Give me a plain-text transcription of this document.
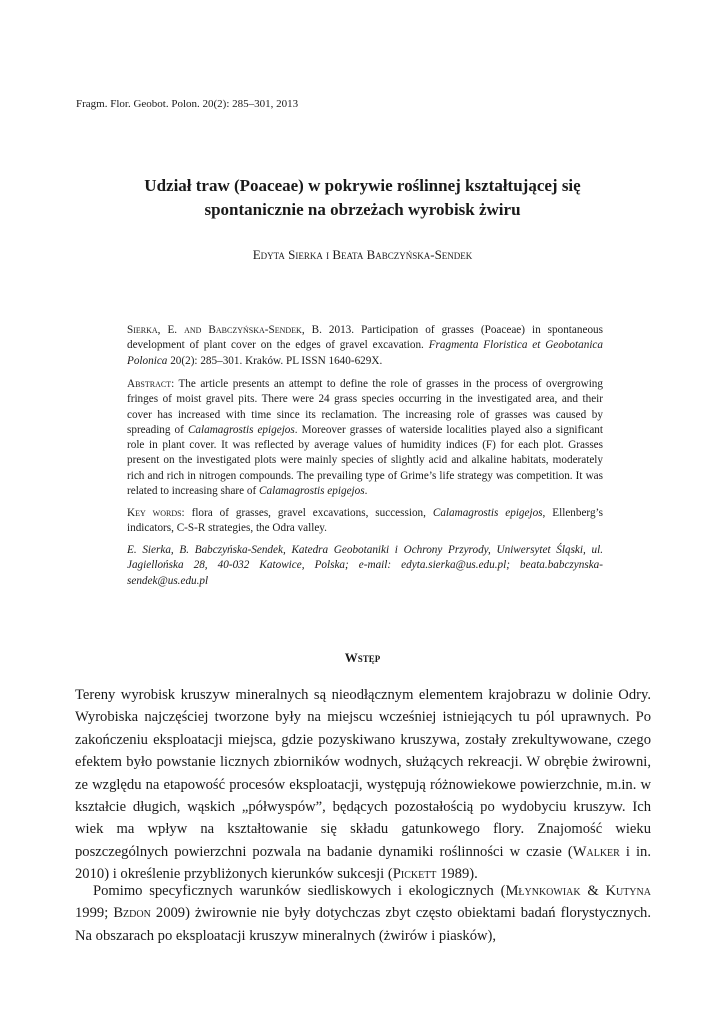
Fragm. Flor. Geobot. Polon. 20(2): 285–301, 2013
Udział traw (Poaceae) w pokrywie roślinnej kształtującej się
spontanicznie na obrzeżach wyrobisk żwiru

Edyta Sierka i Beata Babczyńska-Sendek

Sierka, E. and Babczyńska-Sendek, B. 2013. Participation of grasses (Poaceae) in spontaneous development of plant cover on the edges of gravel excavation. Fragmenta Floristica et Geobotanica Polonica 20(2): 285–301. Kraków. PL ISSN 1640-629X.

Abstract: The article presents an attempt to define the role of grasses in the process of overgrowing fringes of moist gravel pits. There were 24 grass species occurring in the investigated area, and their cover has increased with time since its reclamation. The increasing role of grasses was caused by spreading of Calamagrostis epigejos. Moreover grasses of waterside localities played also a significant role in plant cover. It was reflected by average values of humidity indices (F) for each plot. Grasses present on the investigated plots were mainly species of slightly acid and alkaline habitats, moderately rich and rich in nitrogen compounds. The prevailing type of Grime’s life strategy was competition. It was related to increasing share of Calamagrostis epigejos.

Key words: flora of grasses, gravel excavations, succession, Calamagrostis epigejos, Ellenberg’s indicators, C-S-R strategies, the Odra valley.

E. Sierka, B. Babczyńska-Sendek, Katedra Geobotaniki i Ochrony Przyrody, Uniwersytet Śląski, ul. Jagiellońska 28, 40-032 Katowice, Polska; e-mail: edyta.sierka@us.edu.pl; beata.babczynska-sendek@us.edu.pl

Wstęp

Tereny wyrobisk kruszyw mineralnych są nieodłącznym elementem krajobrazu w dolinie Odry. Wyrobiska najczęściej tworzone były na miejscu wcześniej istniejących tu pól uprawnych. Po zakończeniu eksploatacji miejsca, gdzie pozyskiwano kruszywa, zostały zrekultywowane, czego efektem było powstanie licznych zbiorników wodnych, służących rekreacji. W obrębie żwirowni, ze względu na etapowość procesów eksploatacji, występują różnowiekowe powierzchnie, m.in. w kształcie długich, wąskich „półwyspów”, będących pozostałością po wydobyciu kruszyw. Ich wiek ma wpływ na kształtowanie się składu gatunkowego flory. Znajomość wieku poszczególnych powierzchni pozwala na badanie dynamiki roślinności w czasie (Walker i in. 2010) i określenie przybliżonych kierunków sukcesji (Pickett 1989).

Pomimo specyficznych warunków siedliskowych i ekologicznych (Młynkowiak & Kutyna 1999; Bzdon 2009) żwirownie nie były dotychczas zbyt często obiektami badań florystycznych. Na obszarach po eksploatacji kruszyw mineralnych (żwirów i piasków),
